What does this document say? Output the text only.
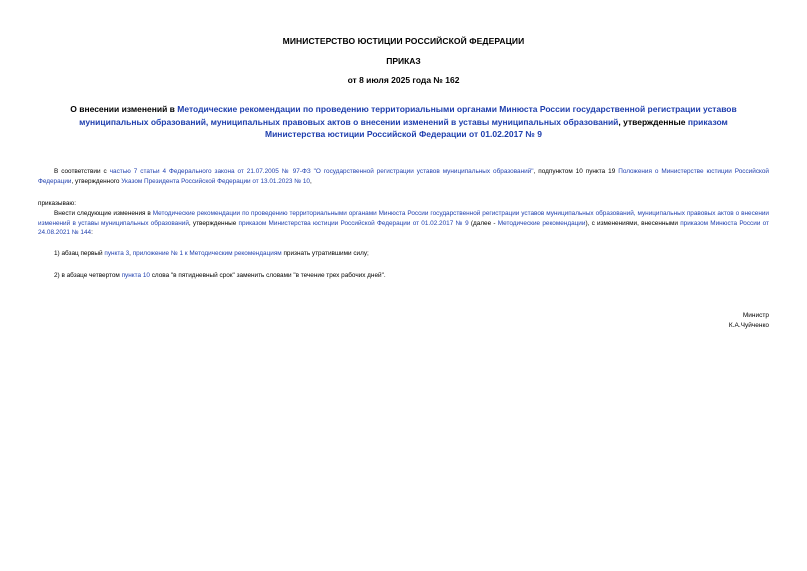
МИНИСТЕРСТВО ЮСТИЦИИ РОССИЙСКОЙ ФЕДЕРАЦИИ
ПРИКАЗ
от 8 июля 2025 года № 162
О внесении изменений в Методические рекомендации по проведению территориальными органами Минюста России государственной регистрации уставов муниципальных образований, муниципальных правовых актов о внесении изменений в уставы муниципальных образований, утвержденные приказом Министерства юстиции Российской Федерации от 01.02.2017 № 9
В соответствии с частью 7 статьи 4 Федерального закона от 21.07.2005 № 97-ФЗ "О государственной регистрации уставов муниципальных образований", подпунктом 10 пункта 19 Положения о Министерстве юстиции Российской Федерации, утвержденного Указом Президента Российской Федерации от 13.01.2023 № 10,
приказываю:
Внести следующие изменения в Методические рекомендации по проведению территориальными органами Минюста России государственной регистрации уставов муниципальных образований, муниципальных правовых актов о внесении изменений в уставы муниципальных образований, утвержденные приказом Министерства юстиции Российской Федерации от 01.02.2017 № 9 (далее - Методические рекомендации), с изменениями, внесенными приказом Минюста России от 24.08.2021 № 144:
1) абзац первый пункта 3, приложение № 1 к Методическим рекомендациям признать утратившими силу;
2) в абзаце четвертом пункта 10 слова "в пятидневный срок" заменить словами "в течение трех рабочих дней".
Министр
К.А.Чуйченко
